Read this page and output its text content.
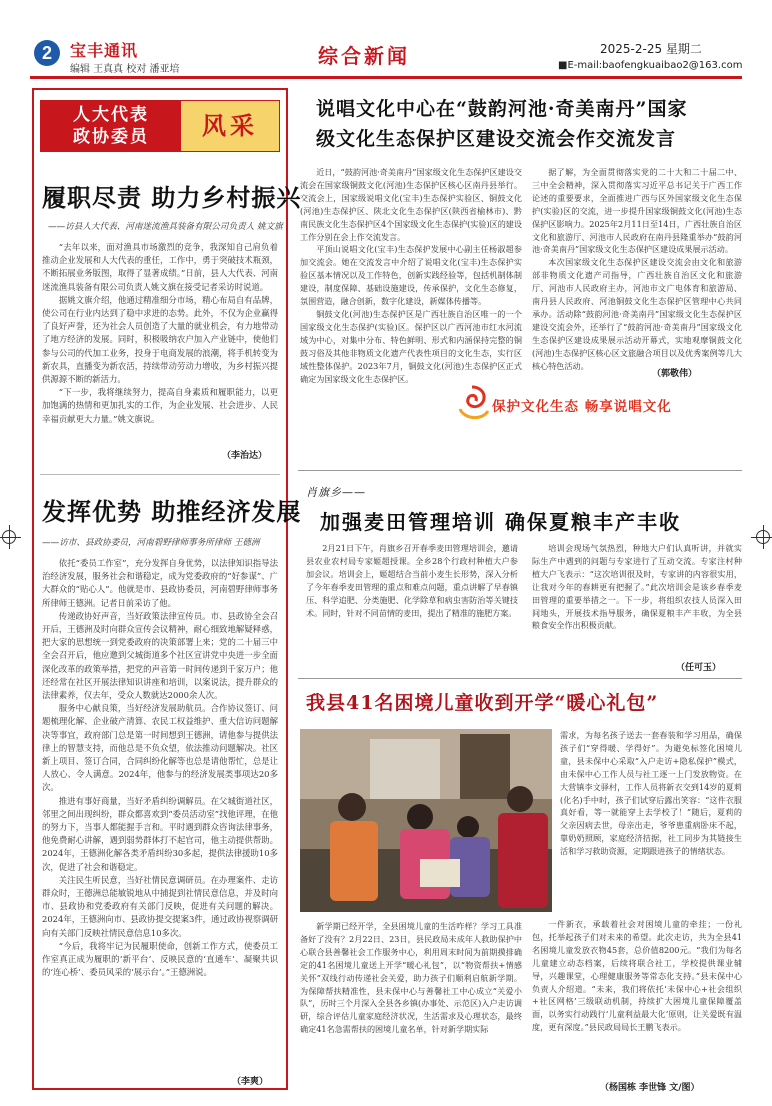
2	宝丰通讯
编辑 王真真 校对 潘亚培
综合新闻	2025-2-25 星期二
■E-mail:baofengkuaibao2@163.com
人大代表
政协委员	风采
履职尽责 助力乡村振兴
——访县人大代表、河南迷流渔具装备有限公司负责人 姚文旗

“去年以来，面对渔具市场激烈的竞争，我深知自己肩负着推动企业发展和人大代表的重任，工作中，勇于突破技术瓶颈，不断拓展业务版图，取得了显著成绩。”日前，县人大代表、河南迷流渔具装备有限公司负责人姚文旗在接受记者采访时说道。

据姚文旗介绍，他通过精准细分市场，精心布局自有品牌，使公司在行业内达到了稳中求进的态势。此外，不仅为企业赢得了良好声誉，还为社会人员创造了大量的就业机会，有力地带动了地方经济的发展。同时，积极吸纳农户加入产业链中，使他们参与公司的代加工业务，投身于电商发展的浪潮，将手机转变为新农具，直播变为新农活，持续带动劳动力增收，为乡村振兴提供源源不断的新活力。

“下一步，我将继续努力，提高自身素质和履职能力，以更加饱满的热情和更加扎实的工作，为企业发展、社会进步、人民幸福贡献更大力量。”姚文旗说。

（李治达）
发挥优势 助推经济发展
——访市、县政协委员，河南碧野律师事务所律师 王德洲

依托“委员工作室”，充分发挥自身优势，以法律知识指导法治经济发展，服务社会和谐稳定，成为党委政府的“好参谋”、广大群众的“贴心人”。他就是市、县政协委员，河南碧野律师事务所律师王德洲。记者日前采访了他。

传递政协好声音，当好政策法律宣传员。市、县政协全会召开后，王德洲及时向群众宣传会议精神，耐心细致地解疑释惑，把大家的思想统一到党委政府的决策部署上来；党的二十届三中全会召开后，他应邀到父城街道多个社区宣讲党中央进一步全面深化改革的政策举措，把党的声音第一时间传递到千家万户；他还经常在社区开展法律知识讲座和培训，以案说法，提升群众的法律素养，仅去年，受众人数就达2000余人次。

服务中心献良策，当好经济发展助航员。合作协议签订、问题梳理化解、企业破产清算、农民工权益维护、重大信访问题解决等事宜，政府部门总是第一时间想到王德洲，请他参与提供法律上的智慧支持，而他总是不负众望，依法推动问题解决。社区新上项目、签订合同，合同纠纷化解等也总是请他帮忙，总是让人放心、令人满意。2024年，他参与的经济发展类事项达20多次。

推进有事好商量，当好矛盾纠纷调解员。在父城街道社区，邻里之间出现纠纷，群众都喜欢到“委员活动室”找他评理，在他的努力下，当事人都能握手言和。平时遇到群众咨询法律事务，他免费耐心讲解，遇到弱势群体打不起官司，他主动提供帮助。2024年，王德洲化解各类矛盾纠纷30多起，提供法律援助10多次，促进了社会和谐稳定。

关注民生听民意，当好社情民意调研员。在办理案件、走访群众时，王德洲总能敏锐地从中捕捉到社情民意信息，并及时向市、县政协和党委政府有关部门反映，促进有关问题的解决。2024年，王德洲向市、县政协提交提案3件，通过政协视察调研向有关部门反映社情民意信息10多次。

“今后，我将牢记为民履职使命，创新工作方式，使委员工作室真正成为履职的‘新平台’、反映民意的‘直通车’、凝聚共识的‘连心桥’、委员风采的‘展示台’。”王德洲说。

（李爽）
说唱文化中心在“鼓韵河池·奇美南丹”国家
级文化生态保护区建设交流会作交流发言

近日，“鼓韵河池·奇美南丹”国家级文化生态保护区建设交流会在国家级铜鼓文化(河池)生态保护区核心区南丹县举行。交流会上，国家级说唱文化(宝丰)生态保护实验区、铜鼓文化(河池)生态保护区、陕北文化生态保护区(陕西省榆林市)、黔南民族文化生态保护区4个国家级文化生态保护(实验)区的建设工作分别在会上作交流发言。

平顶山说唱文化(宝丰)生态保护发展中心副主任杨淑超参加交流会。她在交流发言中介绍了说唱文化(宝丰)生态保护实验区基本情况以及工作特色，创新实践经验等，包括机制体制建设，制度保障、基础设施建设，传承保护，文化生态修复，氛围营造，融合创新，数字化建设，新媒体传播等。

铜鼓文化(河池)生态保护区是广西壮族自治区唯一的一个国家级文化生态保护(实验)区。保护区以广西河池市红水河流域为中心，对集中分布、特色鲜明、形式和内涵保持完整的铜鼓习俗及其他非物质文化遗产代表性项目的文化生态，实行区域性整体保护。2023年7月，铜鼓文化(河池)生态保护区正式确定为国家级文化生态保护区。

据了解，为全面贯彻落实党的二十大和二十届二中、三中全会精神，深入贯彻落实习近平总书记关于广西工作论述的重要要求，全面推进广西与区外国家级文化生态保护(实验)区的交流，进一步提升国家级铜鼓文化(河池)生态保护区影响力。2025年2月11日至14日，广西壮族自治区文化和旅游厅、河池市人民政府在南丹县隆重举办“鼓韵河池·奇美南丹”国家级文化生态保护区建设成果展示活动。

本次国家级文化生态保护区建设交流会由文化和旅游部非物质文化遗产司指导，广西壮族自治区文化和旅游厅、河池市人民政府主办，河池市文广电体育和旅游局、南丹县人民政府、河池铜鼓文化生态保护区管理中心共同承办。活动除“鼓韵河池·奇美南丹”国家级文化生态保护区建设交流会外，还举行了“鼓韵河池·奇美南丹”国家级文化生态保护区建设成果展示活动开幕式，实地观摩铜鼓文化(河池)生态保护区核心区文旅融合项目以及优秀案例等几大核心特色活动。

（郭敬伟）
保护文化生态 畅享说唱文化
肖旗乡——
加强麦田管理培训 确保夏粮丰产丰收

2月21日下午，肖旗乡召开春季麦田管理培训会，邀请县农业农村局专家姬超授课。全乡28个行政村种植大户参加会议。培训会上，姬超结合当前小麦生长形势，深入分析了今年春季麦田管理的重点和难点问题，重点讲解了早春镇压、科学追肥、分类施肥、化学除草和病虫害防治等关键技术。同时，针对不同苗情的麦田，提出了精准的施肥方案。

培训会现场气氛热烈，种地大户们认真听讲，并就实际生产中遇到的问题与专家进行了互动交流。专家注村种植大户飞表示：“这次培训很及时，专家讲的内容很实用，让我对今年的春耕更有把握了。”此次培训会是该乡春季麦田管理的重要举措之一。下一步，将组织农技人员深入田间地头，开展技术指导服务，确保夏粮丰产丰收，为全县粮食安全作出积极贡献。

（任可玉）
我县41名困境儿童收到开学“暖心礼包”

需求，为每名孩子送去一套春装和学习用品，确保孩子们“穿得暖、学得好”。为避免标签化困境儿童，县未保中心采取“入户走访+隐私保护”模式，由未保中心工作人员与社工逐一上门发放物资。在大营镇李文驿村，工作人员将新衣交到14岁的夏莉(化名)手中时，孩子们试穿后露出笑容：“这件衣服真好看，等一就能穿上去学校了！”随后，夏莉的父亲因病去世，母亲出走，爷爷患重病卧床不起，靠奶奶照顾，家庭经济拮据，社工同步为其链接生活和学习救助资源，定期跟进孩子的情绪状态。

新学期已经开学，全县困境儿童的生活咋样？学习工具准备好了没有？2月22日、23日，县民政局未成年人救助保护中心联合县善馨社会工作服务中心，利用周末时间为前期摸排确定的41名困境儿童送上开学“暖心礼包”，以“物资帮扶+情感关怀”双线行动传递社会关爱，助力孩子们顺利启航新学期。为保障帮扶精准性，县未保中心与善馨社工中心成立“关爱小队”，历时三个月深入全县各乡镇(办事处、示范区)入户走访调研，综合评估儿童家庭经济状况，生活需求及心理状态，最终确定41名急需帮扶的困境儿童名单，针对新学期实际

一件新衣，承载着社会对困境儿童的牵挂；一份礼包，托举起孩子们对未来的希望。此次走访，共为全县41名困境儿童发放衣物45套，总价值8200元。“我们为每名儿童建立动态档案，后续将联合社工，学校提供课业辅导，兴趣课堂，心理健康服务等常态化支持。”县未保中心负责人介绍道。“未来，我们将依托‘未保中心+社会组织+社区网格’三级联动机制，持续扩大困境儿童保障覆盖面，以务实行动践行‘儿童利益最大化’原则，让关爱既有温度，更有深度。”县民政局局长王鹏飞表示。

（杨国栋 李世锋 文/图）
